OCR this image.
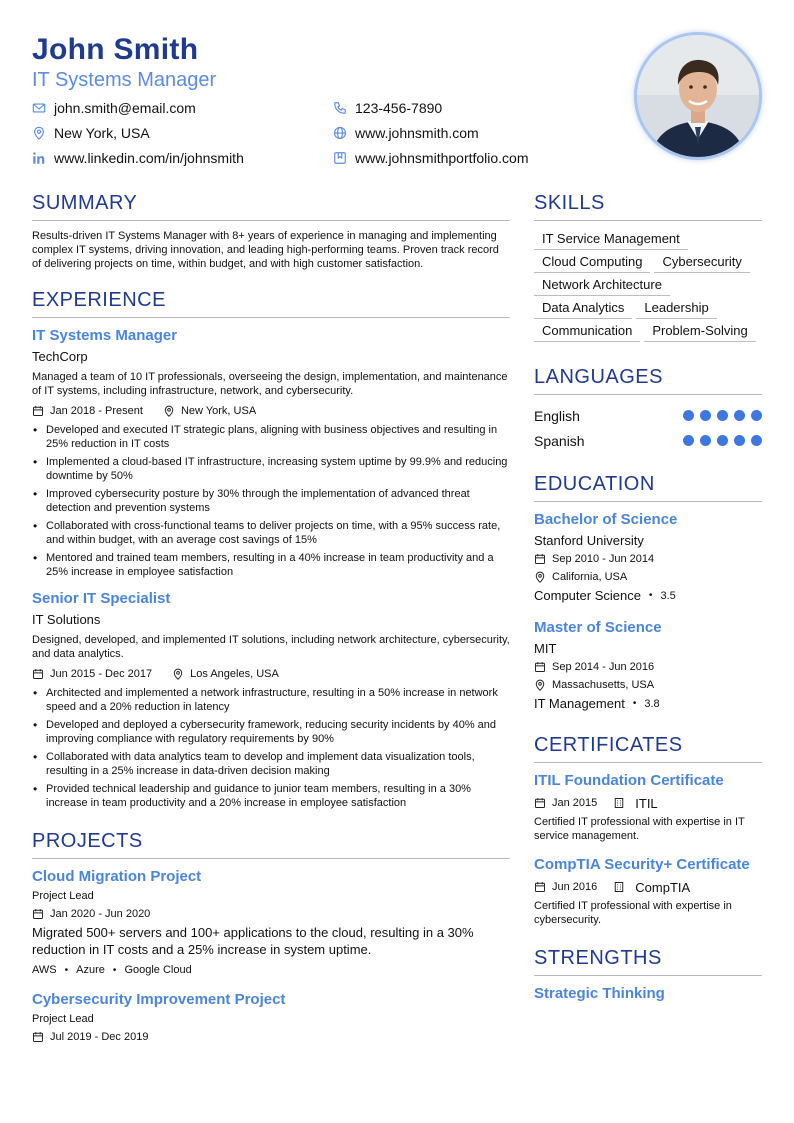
John Smith
IT Systems Manager
john.smith@email.com	123-456-7890
New York, USA	www.johnsmith.com
www.linkedin.com/in/johnsmith	www.johnsmithportfolio.com
SUMMARY

Results-driven IT Systems Manager with 8+ years of experience in managing and implementing complex IT systems, driving innovation, and leading high-performing teams. Proven track record of delivering projects on time, within budget, and with high customer satisfaction.

EXPERIENCE
IT Systems Manager
TechCorp
Managed a team of 10 IT professionals, overseeing the design, implementation, and maintenance of IT systems, including infrastructure, network, and cybersecurity.
Jan 2018 - Present	New York, USA
• Developed and executed IT strategic plans, aligning with business objectives and resulting in 25% reduction in IT costs
• Implemented a cloud-based IT infrastructure, increasing system uptime by 99.9% and reducing downtime by 50%
• Improved cybersecurity posture by 30% through the implementation of advanced threat detection and prevention systems
• Collaborated with cross-functional teams to deliver projects on time, with a 95% success rate, and within budget, with an average cost savings of 15%
• Mentored and trained team members, resulting in a 40% increase in team productivity and a 25% increase in employee satisfaction
Senior IT Specialist
IT Solutions
Designed, developed, and implemented IT solutions, including network architecture, cybersecurity, and data analytics.
Jun 2015 - Dec 2017	Los Angeles, USA
• Architected and implemented a network infrastructure, resulting in a 50% increase in network speed and a 20% reduction in latency
• Developed and deployed a cybersecurity framework, reducing security incidents by 40% and improving compliance with regulatory requirements by 90%
• Collaborated with data analytics team to develop and implement data visualization tools, resulting in a 25% increase in data-driven decision making
• Provided technical leadership and guidance to junior team members, resulting in a 30% increase in team productivity and a 20% increase in employee satisfaction
PROJECTS
Cloud Migration Project
Project Lead
Jan 2020 - Jun 2020
Migrated 500+ servers and 100+ applications to the cloud, resulting in a 30% reduction in IT costs and a 25% increase in system uptime.
AWS • Azure • Google Cloud
Cybersecurity Improvement Project
Project Lead
Jul 2019 - Dec 2019
SKILLS
IT Service Management
Cloud Computing	Cybersecurity
Network Architecture
Data Analytics	Leadership
Communication	Problem-Solving
LANGUAGES
English
Spanish
EDUCATION
Bachelor of Science
Stanford University
Sep 2010 - Jun 2014
California, USA
Computer Science • 3.5
Master of Science
MIT
Sep 2014 - Jun 2016
Massachusetts, USA
IT Management • 3.8
CERTIFICATES
ITIL Foundation Certificate
Jan 2015	ITIL
Certified IT professional with expertise in IT service management.
CompTIA Security+ Certificate
Jun 2016	CompTIA
Certified IT professional with expertise in cybersecurity.
STRENGTHS
Strategic Thinking
